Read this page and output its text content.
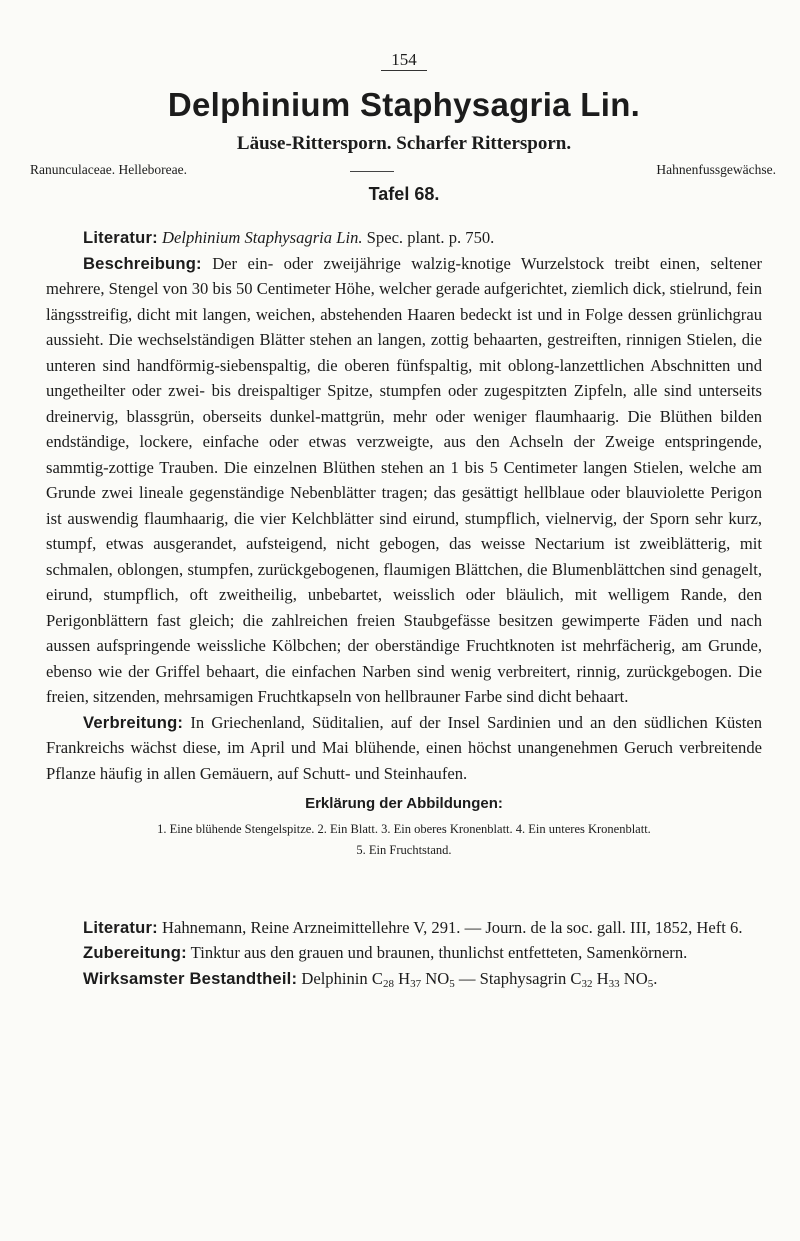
154
Delphinium Staphysagria Lin.
Läuse-Rittersporn. Scharfer Rittersporn.
Ranunculaceae. Helleboreae.	Hahnenfussgewächse.
Tafel 68.

Literatur: Delphinium Staphysagria Lin. Spec. plant. p. 750.

Beschreibung: Der ein- oder zweijährige walzig-knotige Wurzelstock treibt einen, seltener mehrere, Stengel von 30 bis 50 Centimeter Höhe, welcher gerade aufgerichtet, ziemlich dick, stielrund, fein längsstreifig, dicht mit langen, weichen, abstehenden Haaren bedeckt ist und in Folge dessen grünlichgrau aussieht. Die wechselständigen Blätter stehen an langen, zottig behaarten, gestreiften, rinnigen Stielen, die unteren sind handförmig-siebenspaltig, die oberen fünfspaltig, mit oblong-lanzettlichen Abschnitten und ungetheilter oder zwei- bis dreispaltiger Spitze, stumpfen oder zugespitzten Zipfeln, alle sind unterseits dreinervig, blassgrün, oberseits dunkel-mattgrün, mehr oder weniger flaumhaarig. Die Blüthen bilden endständige, lockere, einfache oder etwas verzweigte, aus den Achseln der Zweige entspringende, sammtig-zottige Trauben. Die einzelnen Blüthen stehen an 1 bis 5 Centimeter langen Stielen, welche am Grunde zwei lineale gegenständige Nebenblätter tragen; das gesättigt hellblaue oder blauviolette Perigon ist auswendig flaumhaarig, die vier Kelchblätter sind eirund, stumpflich, vielnervig, der Sporn sehr kurz, stumpf, etwas ausgerandet, aufsteigend, nicht gebogen, das weisse Nectarium ist zweiblätterig, mit schmalen, oblongen, stumpfen, zurückgebogenen, flaumigen Blättchen, die Blumenblättchen sind genagelt, eirund, stumpflich, oft zweitheilig, unbebartet, weisslich oder bläulich, mit welligem Rande, den Perigonblättern fast gleich; die zahlreichen freien Staubgefässe besitzen gewimperte Fäden und nach aussen aufspringende weissliche Kölbchen; der oberständige Fruchtknoten ist mehrfächerig, am Grunde, ebenso wie der Griffel behaart, die einfachen Narben sind wenig verbreitert, rinnig, zurückgebogen. Die freien, sitzenden, mehrsamigen Fruchtkapseln von hellbrauner Farbe sind dicht behaart.

Verbreitung: In Griechenland, Süditalien, auf der Insel Sardinien und an den südlichen Küsten Frankreichs wächst diese, im April und Mai blühende, einen höchst unangenehmen Geruch verbreitende Pflanze häufig in allen Gemäuern, auf Schutt- und Steinhaufen.

Erklärung der Abbildungen:

1. Eine blühende Stengelspitze. 2. Ein Blatt. 3. Ein oberes Kronenblatt. 4. Ein unteres Kronenblatt.
5. Ein Fruchtstand.

Literatur: Hahnemann, Reine Arzneimittellehre V, 291. — Journ. de la soc. gall. III, 1852, Heft 6.

Zubereitung: Tinktur aus den grauen und braunen, thunlichst entfetteten, Samenkörnern.

Wirksamster Bestandtheil: Delphinin $C_{28}$ $H_{37}$ $NO_5$ — Staphysagrin $C_{32}$ $H_{33}$ $NO_5$.
